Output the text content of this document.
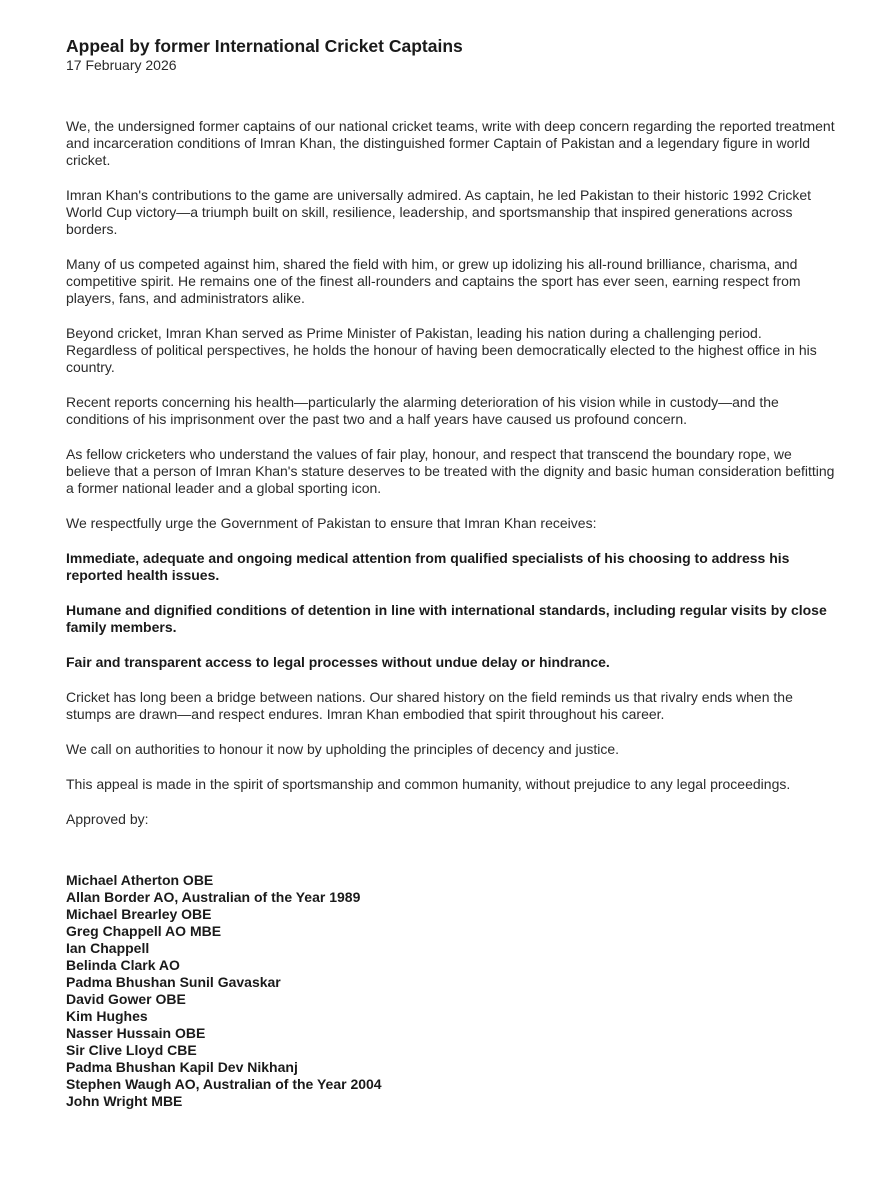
Appeal by former International Cricket Captains

17 February 2026

We, the undersigned former captains of our national cricket teams, write with deep concern regarding the reported treatment and incarceration conditions of Imran Khan, the distinguished former Captain of Pakistan and a legendary figure in world cricket.

Imran Khan's contributions to the game are universally admired. As captain, he led Pakistan to their historic 1992 Cricket World Cup victory—a triumph built on skill, resilience, leadership, and sportsmanship that inspired generations across borders.

Many of us competed against him, shared the field with him, or grew up idolizing his all-round brilliance, charisma, and competitive spirit. He remains one of the finest all-rounders and captains the sport has ever seen, earning respect from players, fans, and administrators alike.

Beyond cricket, Imran Khan served as Prime Minister of Pakistan, leading his nation during a challenging period. Regardless of political perspectives, he holds the honour of having been democratically elected to the highest office in his country.

Recent reports concerning his health—particularly the alarming deterioration of his vision while in custody—and the conditions of his imprisonment over the past two and a half years have caused us profound concern.

As fellow cricketers who understand the values of fair play, honour, and respect that transcend the boundary rope, we believe that a person of Imran Khan's stature deserves to be treated with the dignity and basic human consideration befitting a former national leader and a global sporting icon.

We respectfully urge the Government of Pakistan to ensure that Imran Khan receives:

Immediate, adequate and ongoing medical attention from qualified specialists of his choosing to address his reported health issues.

Humane and dignified conditions of detention in line with international standards, including regular visits by close family members.

Fair and transparent access to legal processes without undue delay or hindrance.

Cricket has long been a bridge between nations. Our shared history on the field reminds us that rivalry ends when the stumps are drawn—and respect endures. Imran Khan embodied that spirit throughout his career.

We call on authorities to honour it now by upholding the principles of decency and justice.

This appeal is made in the spirit of sportsmanship and common humanity, without prejudice to any legal proceedings.

Approved by:

Michael Atherton OBE
Allan Border AO, Australian of the Year 1989
Michael Brearley OBE
Greg Chappell AO MBE
Ian Chappell
Belinda Clark AO
Padma Bhushan Sunil Gavaskar
David Gower OBE
Kim Hughes
Nasser Hussain OBE
Sir Clive Lloyd CBE
Padma Bhushan Kapil Dev Nikhanj
Stephen Waugh AO, Australian of the Year 2004
John Wright MBE
